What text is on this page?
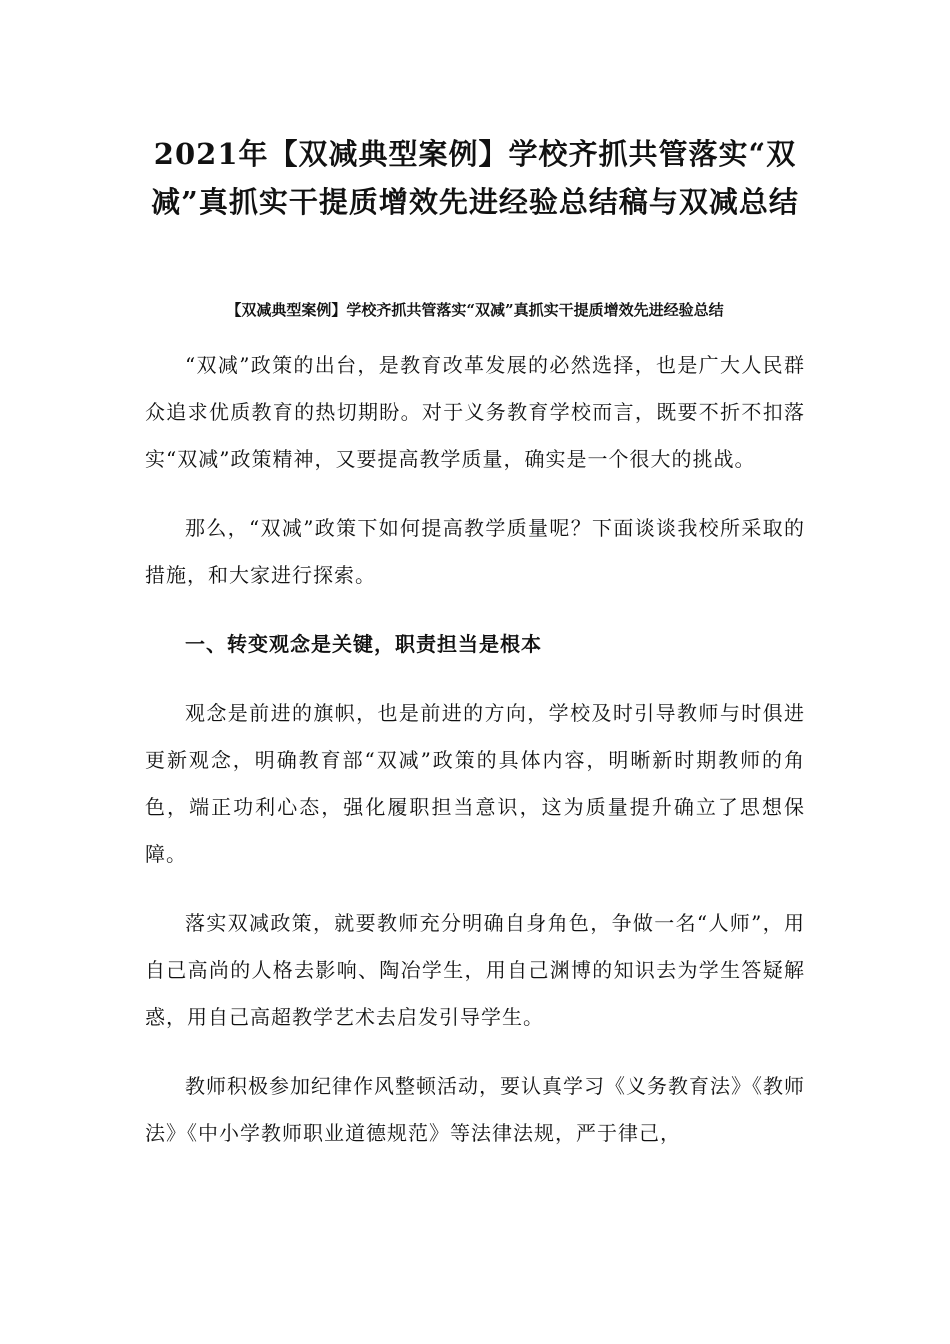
2021年【双减典型案例】学校齐抓共管落实“双
减”真抓实干提质增效先进经验总结稿与双减总结
【双减典型案例】学校齐抓共管落实“双减”真抓实干提质增效先进经验总结

“双减”政策的出台，是教育改革发展的必然选择，也是广大人民群众追求优质教育的热切期盼。对于义务教育学校而言，既要不折不扣落实“双减”政策精神，又要提高教学质量，确实是一个很大的挑战。

那么，“双减”政策下如何提高教学质量呢？下面谈谈我校所采取的措施，和大家进行探索。

一、转变观念是关键，职责担当是根本

观念是前进的旗帜，也是前进的方向，学校及时引导教师与时俱进更新观念，明确教育部“双减”政策的具体内容，明晰新时期教师的角色，端正功利心态，强化履职担当意识，这为质量提升确立了思想保障。

落实双减政策，就要教师充分明确自身角色，争做一名“人师”，用自己高尚的人格去影响、陶冶学生，用自己渊博的知识去为学生答疑解惑，用自己高超教学艺术去启发引导学生。

教师积极参加纪律作风整顿活动，要认真学习《义务教育法》《教师法》《中小学教师职业道德规范》等法律法规，严于律己，
